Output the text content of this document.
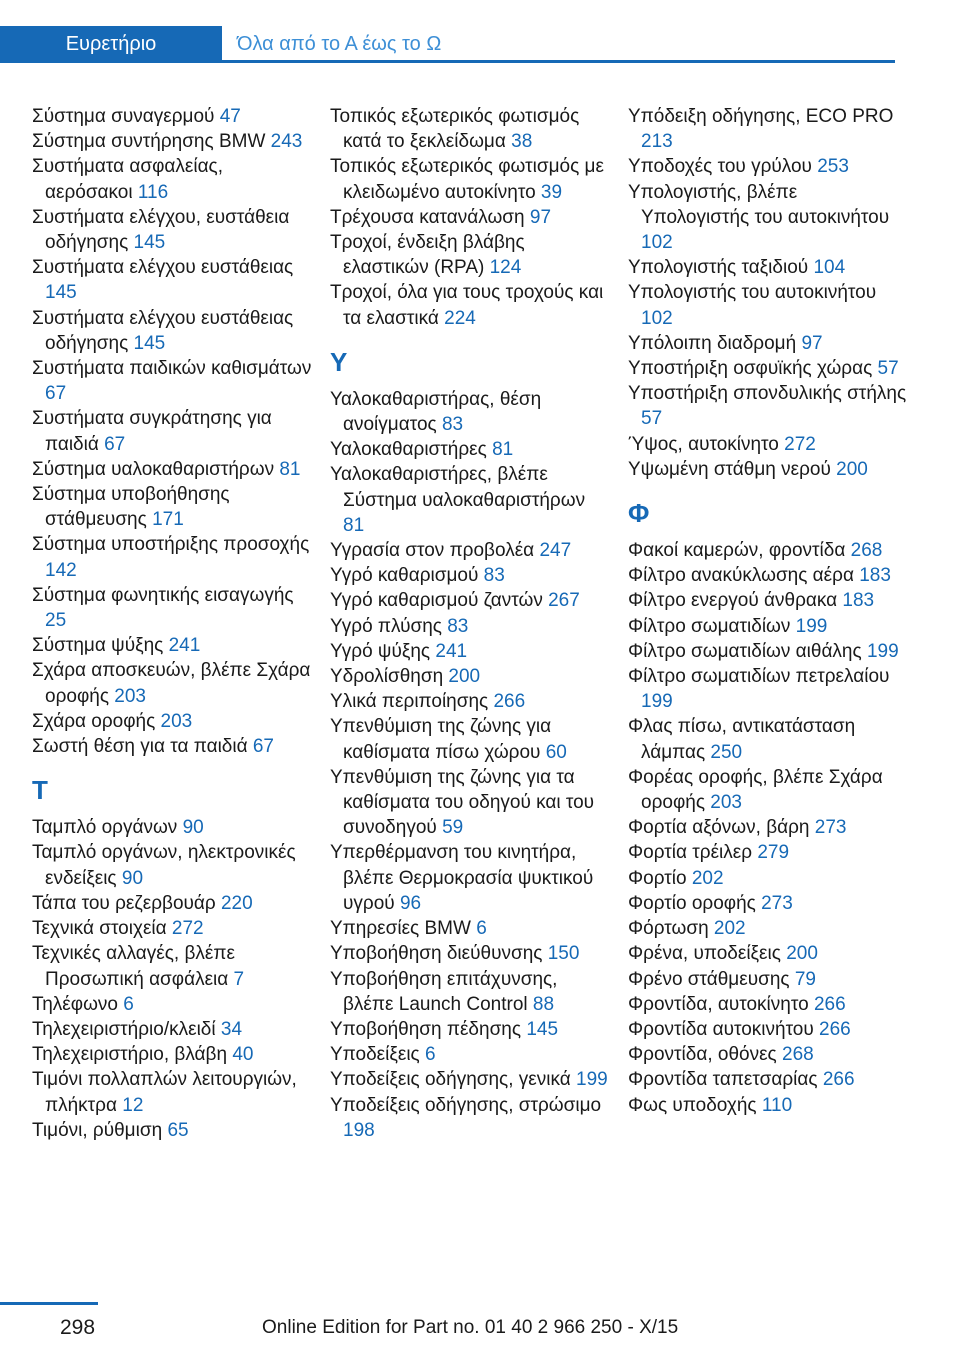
Ευρετήριο	Όλα από το Α έως το Ω
Σύστημα συναγερμού 47
Σύστημα συντήρησης BMW 243
Συστήματα ασφαλείας, αερόσακοι 116
Συστήματα ελέγχου, ευστάθεια οδήγησης 145
Συστήματα ελέγχου ευστάθειας 145
Συστήματα ελέγχου ευστάθειας οδήγησης 145
Συστήματα παιδικών καθισμάτων 67
Συστήματα συγκράτησης για παιδιά 67
Σύστημα υαλοκαθαριστήρων 81
Σύστημα υποβοήθησης στάθμευσης 171
Σύστημα υποστήριξης προσοχής 142
Σύστημα φωνητικής εισαγωγής 25
Σύστημα ψύξης 241
Σχάρα αποσκευών, βλέπε Σχάρα οροφής 203
Σχάρα οροφής 203
Σωστή θέση για τα παιδιά 67
Τ
Ταμπλό οργάνων 90
Ταμπλό οργάνων, ηλεκτρονικές ενδείξεις 90
Τάπα του ρεζερβουάρ 220
Τεχνικά στοιχεία 272
Τεχνικές αλλαγές, βλέπε Προσωπική ασφάλεια 7
Τηλέφωνο 6
Τηλεχειριστήριο/κλειδί 34
Τηλεχειριστήριο, βλάβη 40
Τιμόνι πολλαπλών λειτουργιών, πλήκτρα 12
Τιμόνι, ρύθμιση 65
Τοπικός εξωτερικός φωτισμός κατά το ξεκλείδωμα 38
Τοπικός εξωτερικός φωτισμός με κλειδωμένο αυτοκίνητο 39
Τρέχουσα κατανάλωση 97
Τροχοί, ένδειξη βλάβης ελαστικών (RPA) 124
Τροχοί, όλα για τους τροχούς και τα ελαστικά 224
Υ
Υαλοκαθαριστήρας, θέση ανοίγματος 83
Υαλοκαθαριστήρες 81
Υαλοκαθαριστήρες, βλέπε Σύστημα υαλοκαθαριστήρων 81
Υγρασία στον προβολέα 247
Υγρό καθαρισμού 83
Υγρό καθαρισμού ζαντών 267
Υγρό πλύσης 83
Υγρό ψύξης 241
Υδρολίσθηση 200
Υλικά περιποίησης 266
Υπενθύμιση της ζώνης για καθίσματα πίσω χώρου 60
Υπενθύμιση της ζώνης για τα καθίσματα του οδηγού και του συνοδηγού 59
Υπερθέρμανση του κινητήρα, βλέπε Θερμοκρασία ψυκτικού υγρού 96
Υπηρεσίες BMW 6
Υποβοήθηση διεύθυνσης 150
Υποβοήθηση επιτάχυνσης, βλέπε Launch Control 88
Υποβοήθηση πέδησης 145
Υποδείξεις 6
Υποδείξεις οδήγησης, γενικά 199
Υποδείξεις οδήγησης, στρώσιμο 198
Υπόδειξη οδήγησης, ECO PRO 213
Υποδοχές του γρύλου 253
Υπολογιστής, βλέπε Υπολογιστής του αυτοκινήτου 102
Υπολογιστής ταξιδιού 104
Υπολογιστής του αυτοκινήτου 102
Υπόλοιπη διαδρομή 97
Υποστήριξη οσφυϊκής χώρας 57
Υποστήριξη σπονδυλικής στήλης 57
Ύψος, αυτοκίνητο 272
Υψωμένη στάθμη νερού 200
Φ
Φακοί καμερών, φροντίδα 268
Φίλτρο ανακύκλωσης αέρα 183
Φίλτρο ενεργού άνθρακα 183
Φίλτρο σωματιδίων 199
Φίλτρο σωματιδίων αιθάλης 199
Φίλτρο σωματιδίων πετρελαίου 199
Φλας πίσω, αντικατάσταση λάμπας 250
Φορέας οροφής, βλέπε Σχάρα οροφής 203
Φορτία αξόνων, βάρη 273
Φορτία τρέιλερ 279
Φορτίο 202
Φορτίο οροφής 273
Φόρτωση 202
Φρένα, υποδείξεις 200
Φρένο στάθμευσης 79
Φροντίδα, αυτοκίνητο 266
Φροντίδα αυτοκινήτου 266
Φροντίδα, οθόνες 268
Φροντίδα ταπετσαρίας 266
Φως υποδοχής 110
298	Online Edition for Part no. 01 40 2 966 250 - X/15
